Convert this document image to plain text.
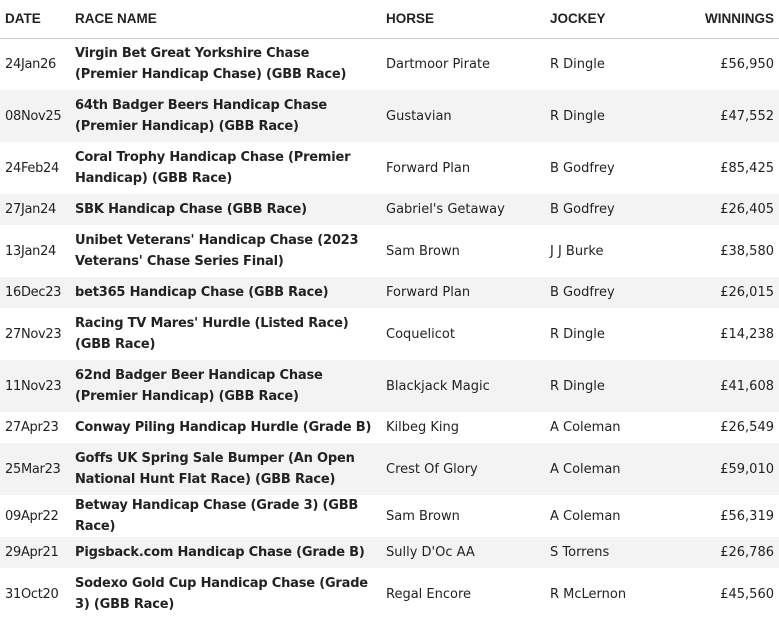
DATE	RACE NAME	HORSE	JOCKEY	WINNINGS
24Jan26	Virgin Bet Great Yorkshire Chase (Premier Handicap Chase) (GBB Race)	Dartmoor Pirate	R Dingle	£56,950
08Nov25	64th Badger Beers Handicap Chase (Premier Handicap) (GBB Race)	Gustavian	R Dingle	£47,552
24Feb24	Coral Trophy Handicap Chase (Premier Handicap) (GBB Race)	Forward Plan	B Godfrey	£85,425
27Jan24	SBK Handicap Chase (GBB Race)	Gabriel's Getaway	B Godfrey	£26,405
13Jan24	Unibet Veterans' Handicap Chase (2023 Veterans' Chase Series Final)	Sam Brown	J J Burke	£38,580
16Dec23	bet365 Handicap Chase (GBB Race)	Forward Plan	B Godfrey	£26,015
27Nov23	Racing TV Mares' Hurdle (Listed Race) (GBB Race)	Coquelicot	R Dingle	£14,238
11Nov23	62nd Badger Beer Handicap Chase (Premier Handicap) (GBB Race)	Blackjack Magic	R Dingle	£41,608
27Apr23	Conway Piling Handicap Hurdle (Grade B)	Kilbeg King	A Coleman	£26,549
25Mar23	Goffs UK Spring Sale Bumper (An Open National Hunt Flat Race) (GBB Race)	Crest Of Glory	A Coleman	£59,010
09Apr22	Betway Handicap Chase (Grade 3) (GBB Race)	Sam Brown	A Coleman	£56,319
29Apr21	Pigsback.com Handicap Chase (Grade B)	Sully D'Oc AA	S Torrens	£26,786
31Oct20	Sodexo Gold Cup Handicap Chase (Grade 3) (GBB Race)	Regal Encore	R McLernon	£45,560
